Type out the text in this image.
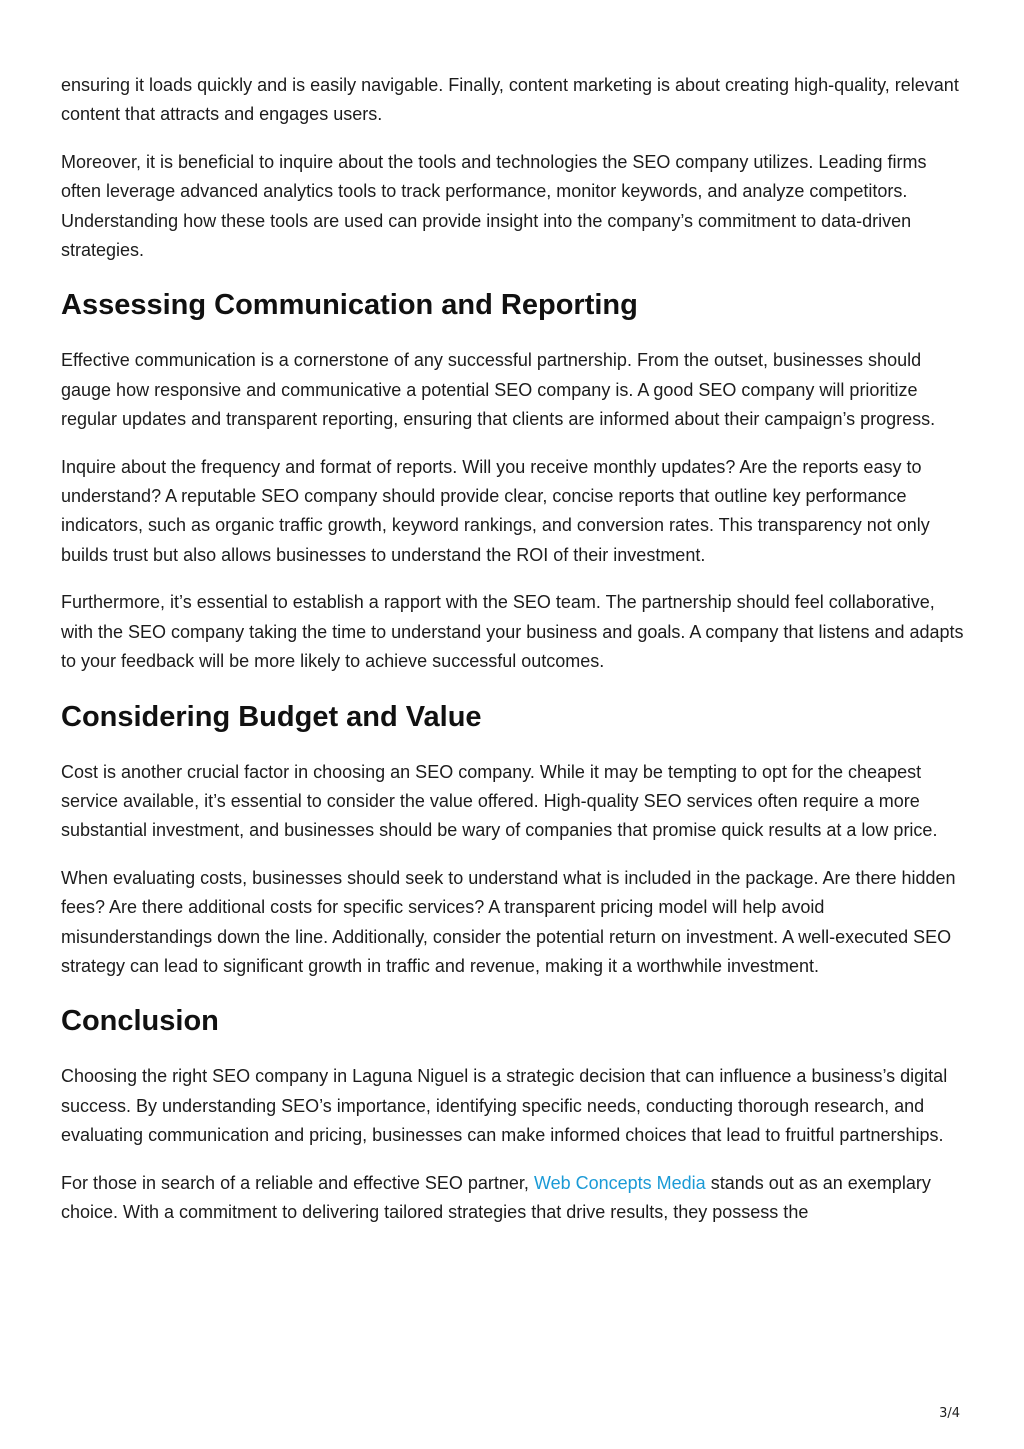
ensuring it loads quickly and is easily navigable. Finally, content marketing is about creating high-quality, relevant content that attracts and engages users.

Moreover, it is beneficial to inquire about the tools and technologies the SEO company utilizes. Leading firms often leverage advanced analytics tools to track performance, monitor keywords, and analyze competitors. Understanding how these tools are used can provide insight into the company’s commitment to data-driven strategies.

Assessing Communication and Reporting

Effective communication is a cornerstone of any successful partnership. From the outset, businesses should gauge how responsive and communicative a potential SEO company is. A good SEO company will prioritize regular updates and transparent reporting, ensuring that clients are informed about their campaign’s progress.

Inquire about the frequency and format of reports. Will you receive monthly updates? Are the reports easy to understand? A reputable SEO company should provide clear, concise reports that outline key performance indicators, such as organic traffic growth, keyword rankings, and conversion rates. This transparency not only builds trust but also allows businesses to understand the ROI of their investment.

Furthermore, it’s essential to establish a rapport with the SEO team. The partnership should feel collaborative, with the SEO company taking the time to understand your business and goals. A company that listens and adapts to your feedback will be more likely to achieve successful outcomes.

Considering Budget and Value

Cost is another crucial factor in choosing an SEO company. While it may be tempting to opt for the cheapest service available, it’s essential to consider the value offered. High-quality SEO services often require a more substantial investment, and businesses should be wary of companies that promise quick results at a low price.

When evaluating costs, businesses should seek to understand what is included in the package. Are there hidden fees? Are there additional costs for specific services? A transparent pricing model will help avoid misunderstandings down the line. Additionally, consider the potential return on investment. A well-executed SEO strategy can lead to significant growth in traffic and revenue, making it a worthwhile investment.

Conclusion

Choosing the right SEO company in Laguna Niguel is a strategic decision that can influence a business’s digital success. By understanding SEO’s importance, identifying specific needs, conducting thorough research, and evaluating communication and pricing, businesses can make informed choices that lead to fruitful partnerships.

For those in search of a reliable and effective SEO partner, Web Concepts Media stands out as an exemplary choice. With a commitment to delivering tailored strategies that drive results, they possess the

3/4
